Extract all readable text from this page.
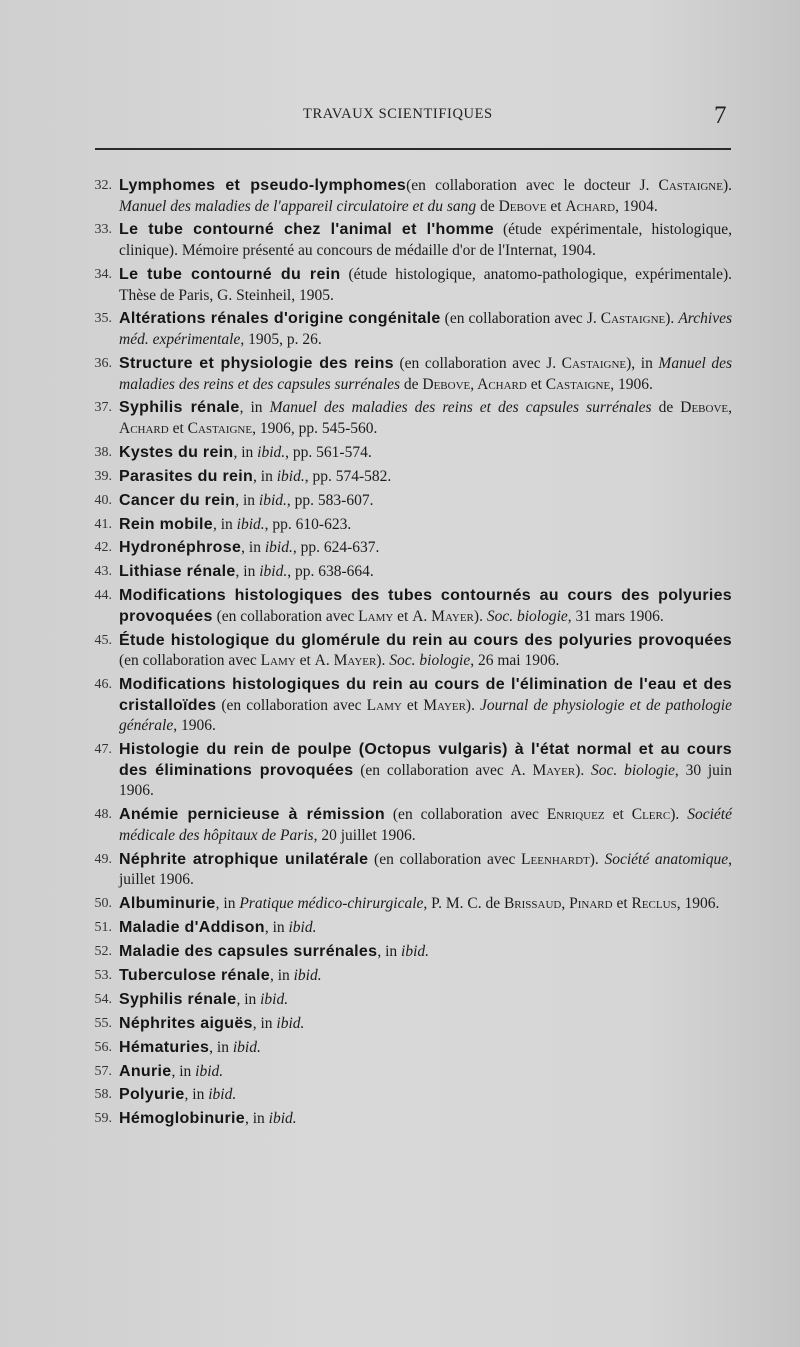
TRAVAUX SCIENTIFIQUES	7
32. Lymphomes et pseudo-lymphomes(en collaboration avec le docteur J. Castaigne). Manuel des maladies de l'appareil circulatoire et du sang de Debove et Achard, 1904.
33. Le tube contourné chez l'animal et l'homme (étude expérimentale, histologique, clinique). Mémoire présenté au concours de médaille d'or de l'Internat, 1904.
34. Le tube contourné du rein (étude histologique, anatomo-pathologique, expérimentale). Thèse de Paris, G. Steinheil, 1905.
35. Altérations rénales d'origine congénitale (en collaboration avec J. Castaigne). Archives méd. expérimentale, 1905, p. 26.
36. Structure et physiologie des reins (en collaboration avec J. Castaigne), in Manuel des maladies des reins et des capsules surrénales de Debove, Achard et Castaigne, 1906.
37. Syphilis rénale, in Manuel des maladies des reins et des capsules surrénales de Debove, Achard et Castaigne, 1906, pp. 545-560.
38. Kystes du rein, in ibid., pp. 561-574.
39. Parasites du rein, in ibid., pp. 574-582.
40. Cancer du rein, in ibid., pp. 583-607.
41. Rein mobile, in ibid., pp. 610-623.
42. Hydronéphrose, in ibid., pp. 624-637.
43. Lithiase rénale, in ibid., pp. 638-664.
44. Modifications histologiques des tubes contournés au cours des polyuries provoquées (en collaboration avec Lamy et A. Mayer). Soc. biologie, 31 mars 1906.
45. Étude histologique du glomérule du rein au cours des polyuries provoquées (en collaboration avec Lamy et A. Mayer). Soc. biologie, 26 mai 1906.
46. Modifications histologiques du rein au cours de l'élimination de l'eau et des cristalloïdes (en collaboration avec Lamy et Mayer). Journal de physiologie et de pathologie générale, 1906.
47. Histologie du rein de poulpe (Octopus vulgaris) à l'état normal et au cours des éliminations provoquées (en collaboration avec A. Mayer). Soc. biologie, 30 juin 1906.
48. Anémie pernicieuse à rémission (en collaboration avec Enriquez et Clerc). Société médicale des hôpitaux de Paris, 20 juillet 1906.
49. Néphrite atrophique unilatérale (en collaboration avec Leenhardt). Société anatomique, juillet 1906.
50. Albuminurie, in Pratique médico-chirurgicale, P. M. C. de Brissaud, Pinard et Reclus, 1906.
51. Maladie d'Addison, in ibid.
52. Maladie des capsules surrénales, in ibid.
53. Tuberculose rénale, in ibid.
54. Syphilis rénale, in ibid.
55. Néphrites aiguës, in ibid.
56. Hématuries, in ibid.
57. Anurie, in ibid.
58. Polyurie, in ibid.
59. Hémoglobinurie, in ibid.
